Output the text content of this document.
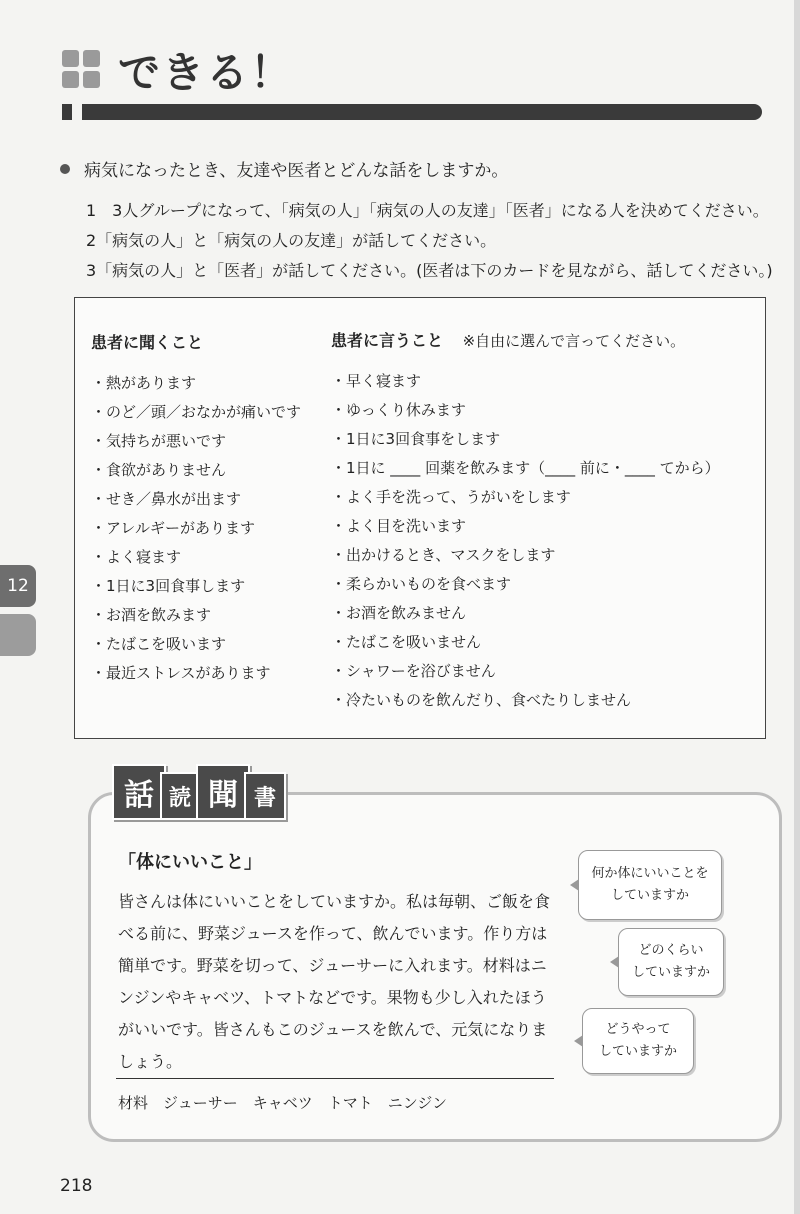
できる！
病気になったとき、友達や医者とどんな話をしますか。
1　3人グループになって、「病気の人」「病気の人の友達」「医者」になる人を決めてください。
2「病気の人」と「病気の人の友達」が話してください。
3「病気の人」と「医者」が話してください。(医者は下のカードを見ながら、話してください。)
患者に聞くこと
・熱があります
・のど／頭／おなかが痛いです
・気持ちが悪いです
・食欲がありません
・せき／鼻水が出ます
・アレルギーがあります
・よく寝ます
・1日に3回食事します
・お酒を飲みます
・たばこを吸います
・最近ストレスがあります
患者に言うこと ※自由に選んで言ってください。
・早く寝ます
・ゆっくり休みます
・1日に3回食事をします
・1日に ____ 回薬を飲みます（____ 前に・____ てから）
・よく手を洗って、うがいをします
・よく目を洗います
・出かけるとき、マスクをします
・柔らかいものを食べます
・お酒を飲みません
・たばこを吸いません
・シャワーを浴びません
・冷たいものを飲んだり、食べたりしません
12
話 読 聞 書
「体にいいこと」
皆さんは体にいいことをしていますか。私は毎朝、ご飯を食べる前に、野菜ジュースを作って、飲んでいます。作り方は簡単です。野菜を切って、ジューサーに入れます。材料はニンジンやキャベツ、トマトなどです。果物も少し入れたほうがいいです。皆さんもこのジュースを飲んで、元気になりましょう。
材料　ジューサー　キャベツ　トマト　ニンジン
何か体にいいことを
していますか
どのくらい
していますか
どうやって
していますか
218
